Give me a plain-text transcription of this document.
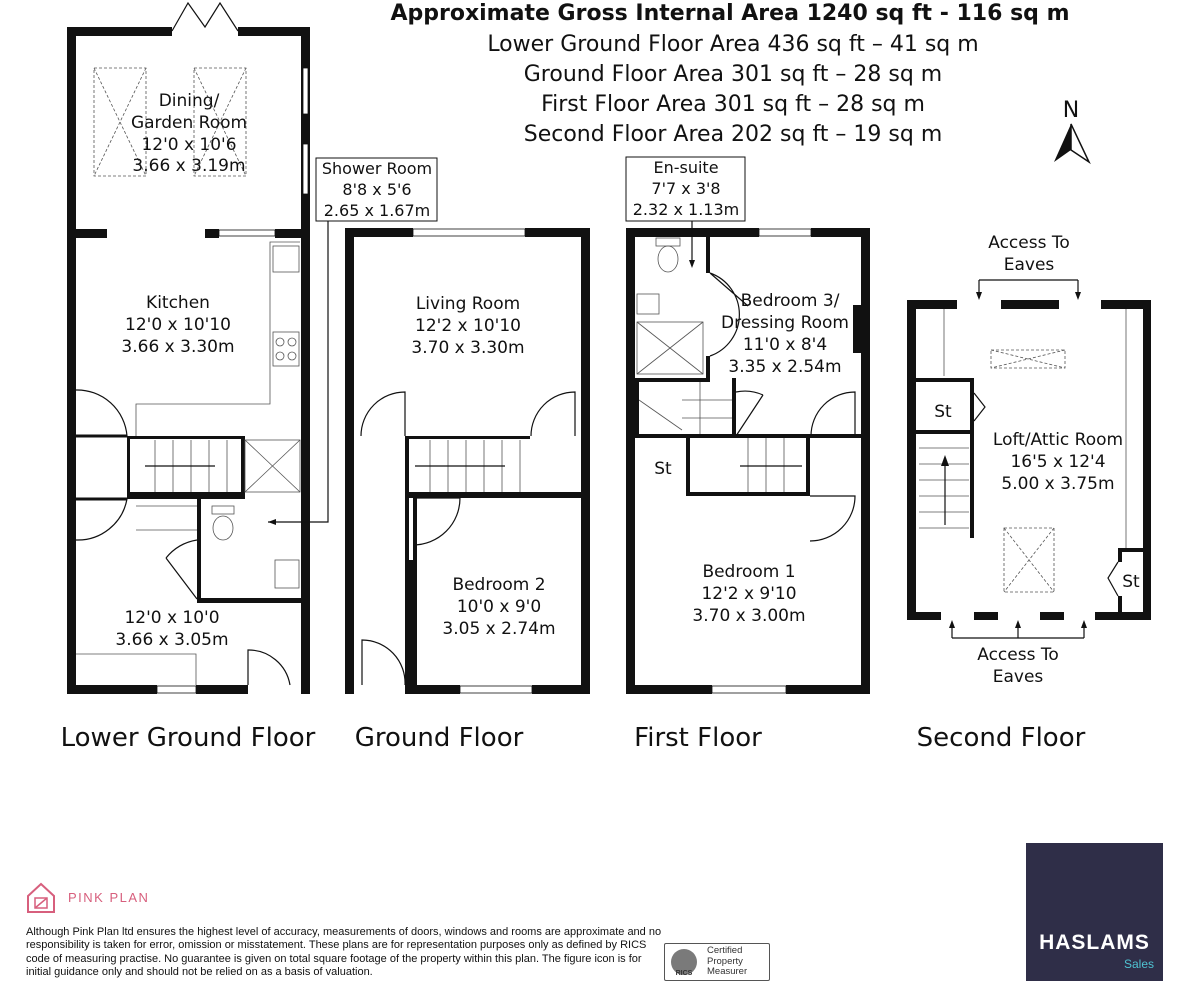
Approximate Gross Internal Area 1240 sq ft - 116 sq m
Lower Ground Floor Area 436 sq ft – 41 sq m
Ground Floor Area 301 sq ft – 28 sq m
First Floor Area 301 sq ft – 28 sq m
Second Floor Area 202 sq ft – 19 sq m
N
Dining/
Garden Room
12'0 x 10'6
3.66 x 3.19m
Kitchen
12'0 x 10'10
3.66 x 3.30m
12'0 x 10'0
3.66 x 3.05m
Shower Room
8'8 x 5'6
2.65 x 1.67m
Lower Ground Floor
Living Room
12'2 x 10'10
3.70 x 3.30m
Bedroom 2
10'0 x 9'0
3.05 x 2.74m
Ground Floor
En-suite
7'7 x 3'8
2.32 x 1.13m
Bedroom 3/
Dressing Room
11'0 x 8'4
3.35 x 2.54m
St
Bedroom 1
12'2 x 9'10
3.70 x 3.00m
First Floor
Access To
Eaves
St
Loft/Attic Room
16'5 x 12'4
5.00 x 3.75m
St
Access To
Eaves
Second Floor
PINK PLAN
Although Pink Plan ltd ensures the highest level of accuracy, measurements of doors, windows and rooms are approximate and no responsibility is taken for error, omission or misstatement. These plans are for representation purposes only as defined by RICS code of measuring practise. No guarantee is given on total square footage of the property within this plan. The figure icon is for initial guidance only and should not be relied on as a basis of valuation.	RICS
Certified
Property
Measurer
HASLAMS
Sales
